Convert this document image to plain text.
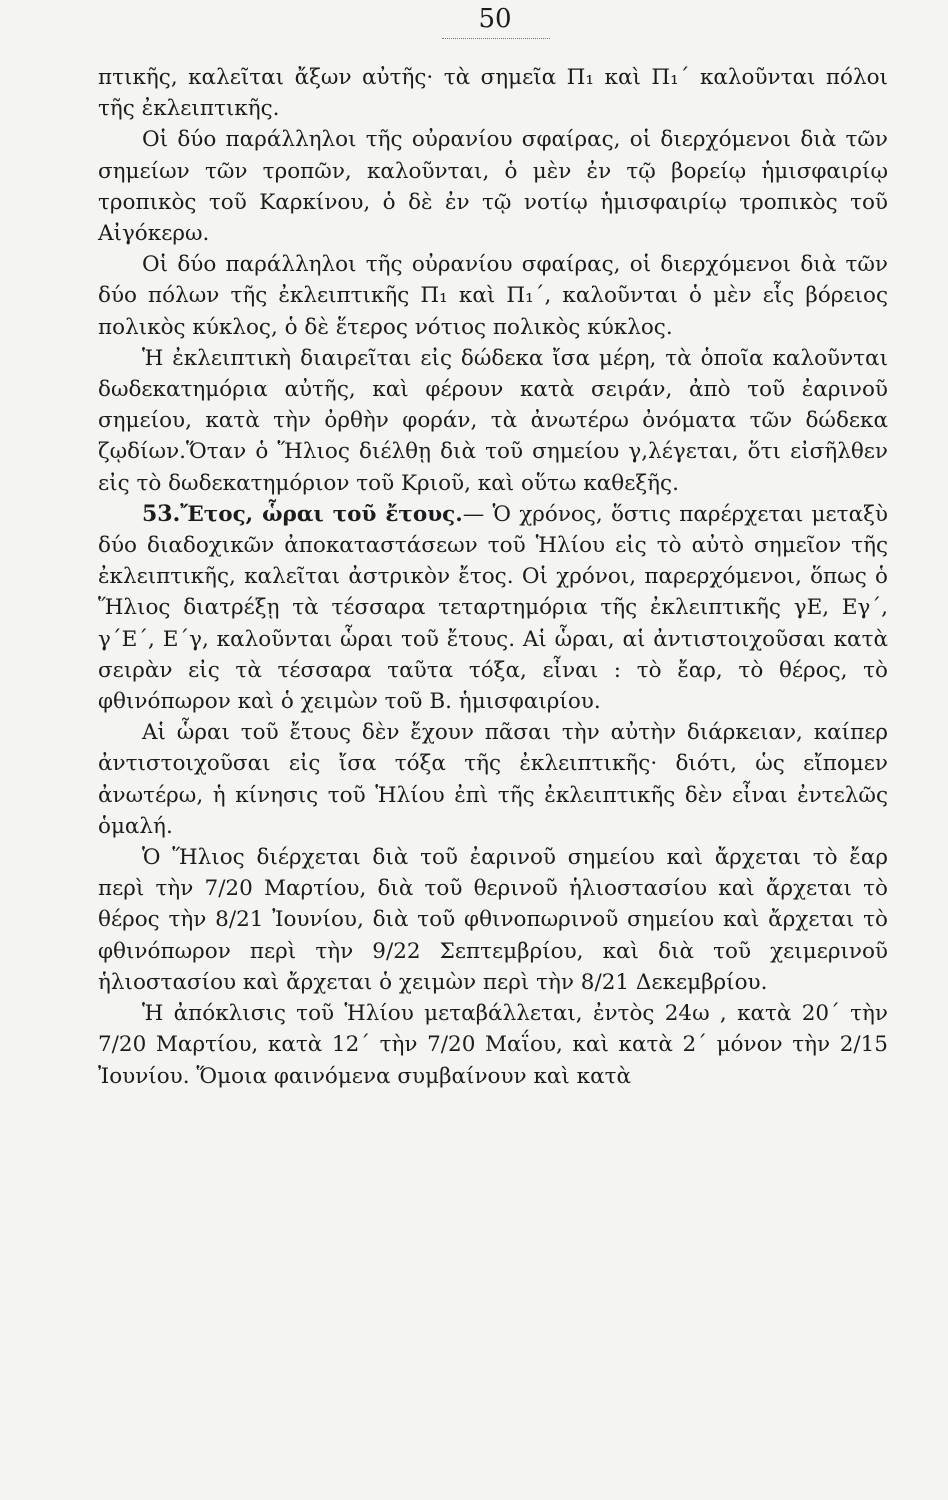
50

πτικῆς, καλεῖται ἄξων αὐτῆς· τὰ σημεῖα Π₁ καὶ Π₁΄ καλοῦνται πόλοι τῆς ἐκλειπτικῆς.

Οἱ δύο παράλληλοι τῆς οὐρανίου σφαίρας, οἱ διερχόμενοι διὰ τῶν σημείων τῶν τροπῶν, καλοῦνται, ὁ μὲν ἐν τῷ βορείῳ ἡμισφαιρίῳ τροπικὸς τοῦ Καρκίνου, ὁ δὲ ἐν τῷ νοτίῳ ἡμισφαιρίῳ τροπικὸς τοῦ Αἰγόκερω.

Οἱ δύο παράλληλοι τῆς οὐρανίου σφαίρας, οἱ διερχόμενοι διὰ τῶν δύο πόλων τῆς ἐκλειπτικῆς Π₁ καὶ Π₁΄, καλοῦνται ὁ μὲν εἷς βόρειος πολικὸς κύκλος, ὁ δὲ ἕτερος νότιος πολικὸς κύκλος.

Ἡ ἐκλειπτικὴ διαιρεῖται εἰς δώδεκα ἴσα μέρη, τὰ ὁποῖα καλοῦνται δωδεκατημόρια αὐτῆς, καὶ φέρουν κατὰ σειράν, ἀπὸ τοῦ ἐαρινοῦ σημείου, κατὰ τὴν ὀρθὴν φοράν, τὰ ἀνωτέρω ὀνόματα τῶν δώδεκα ζῳδίων.Ὅταν ὁ Ἥλιος διέλθῃ διὰ τοῦ σημείου γ,λέγεται, ὅτι εἰσῆλθεν εἰς τὸ δωδεκατημόριον τοῦ Κριοῦ, καὶ οὕτω καθεξῆς.

53.Ἔτος, ὧραι τοῦ ἔτους.— Ὁ χρόνος, ὅστις παρέρχεται μεταξὺ δύο διαδοχικῶν ἀποκαταστάσεων τοῦ Ἡλίου εἰς τὸ αὐτὸ σημεῖον τῆς ἐκλειπτικῆς, καλεῖται ἀστρικὸν ἔτος. Οἱ χρόνοι, παρερχόμενοι, ὅπως ὁ Ἥλιος διατρέξῃ τὰ τέσσαρα τεταρτημόρια τῆς ἐκλειπτικῆς γΕ, Εγ΄, γ΄Ε΄, Ε΄γ, καλοῦνται ὧραι τοῦ ἔτους. Αἱ ὧραι, αἱ ἀντιστοιχοῦσαι κατὰ σειρὰν εἰς τὰ τέσσαρα ταῦτα τόξα, εἶναι : τὸ ἔαρ, τὸ θέρος, τὸ φθινόπωρον καὶ ὁ χειμὼν τοῦ Β. ἡμισφαιρίου.

Αἱ ὧραι τοῦ ἔτους δὲν ἔχουν πᾶσαι τὴν αὐτὴν διάρκειαν, καίπερ ἀντιστοιχοῦσαι εἰς ἴσα τόξα τῆς ἐκλειπτικῆς· διότι, ὡς εἴπομεν ἀνωτέρω, ἡ κίνησις τοῦ Ἡλίου ἐπὶ τῆς ἐκλειπτικῆς δὲν εἶναι ἐντελῶς ὁμαλή.

Ὁ Ἥλιος διέρχεται διὰ τοῦ ἐαρινοῦ σημείου καὶ ἄρχεται τὸ ἔαρ περὶ τὴν 7/20 Μαρτίου, διὰ τοῦ θερινοῦ ἡλιοστασίου καὶ ἄρχεται τὸ θέρος τὴν 8/21 Ἰουνίου, διὰ τοῦ φθινοπωρινοῦ σημείου καὶ ἄρχεται τὸ φθινόπωρον περὶ τὴν 9/22 Σεπτεμβρίου, καὶ διὰ τοῦ χειμερινοῦ ἡλιοστασίου καὶ ἄρχεται ὁ χειμὼν περὶ τὴν 8/21 Δεκεμβρίου.

Ἡ ἀπόκλισις τοῦ Ἡλίου μεταβάλλεται, ἐντὸς 24ω , κατὰ 20΄ τὴν 7/20 Μαρτίου, κατὰ 12΄ τὴν 7/20 Μαΐου, καὶ κατὰ 2΄ μόνον τὴν 2/15 Ἰουνίου. Ὅμοια φαινόμενα συμβαίνουν καὶ κατὰ
